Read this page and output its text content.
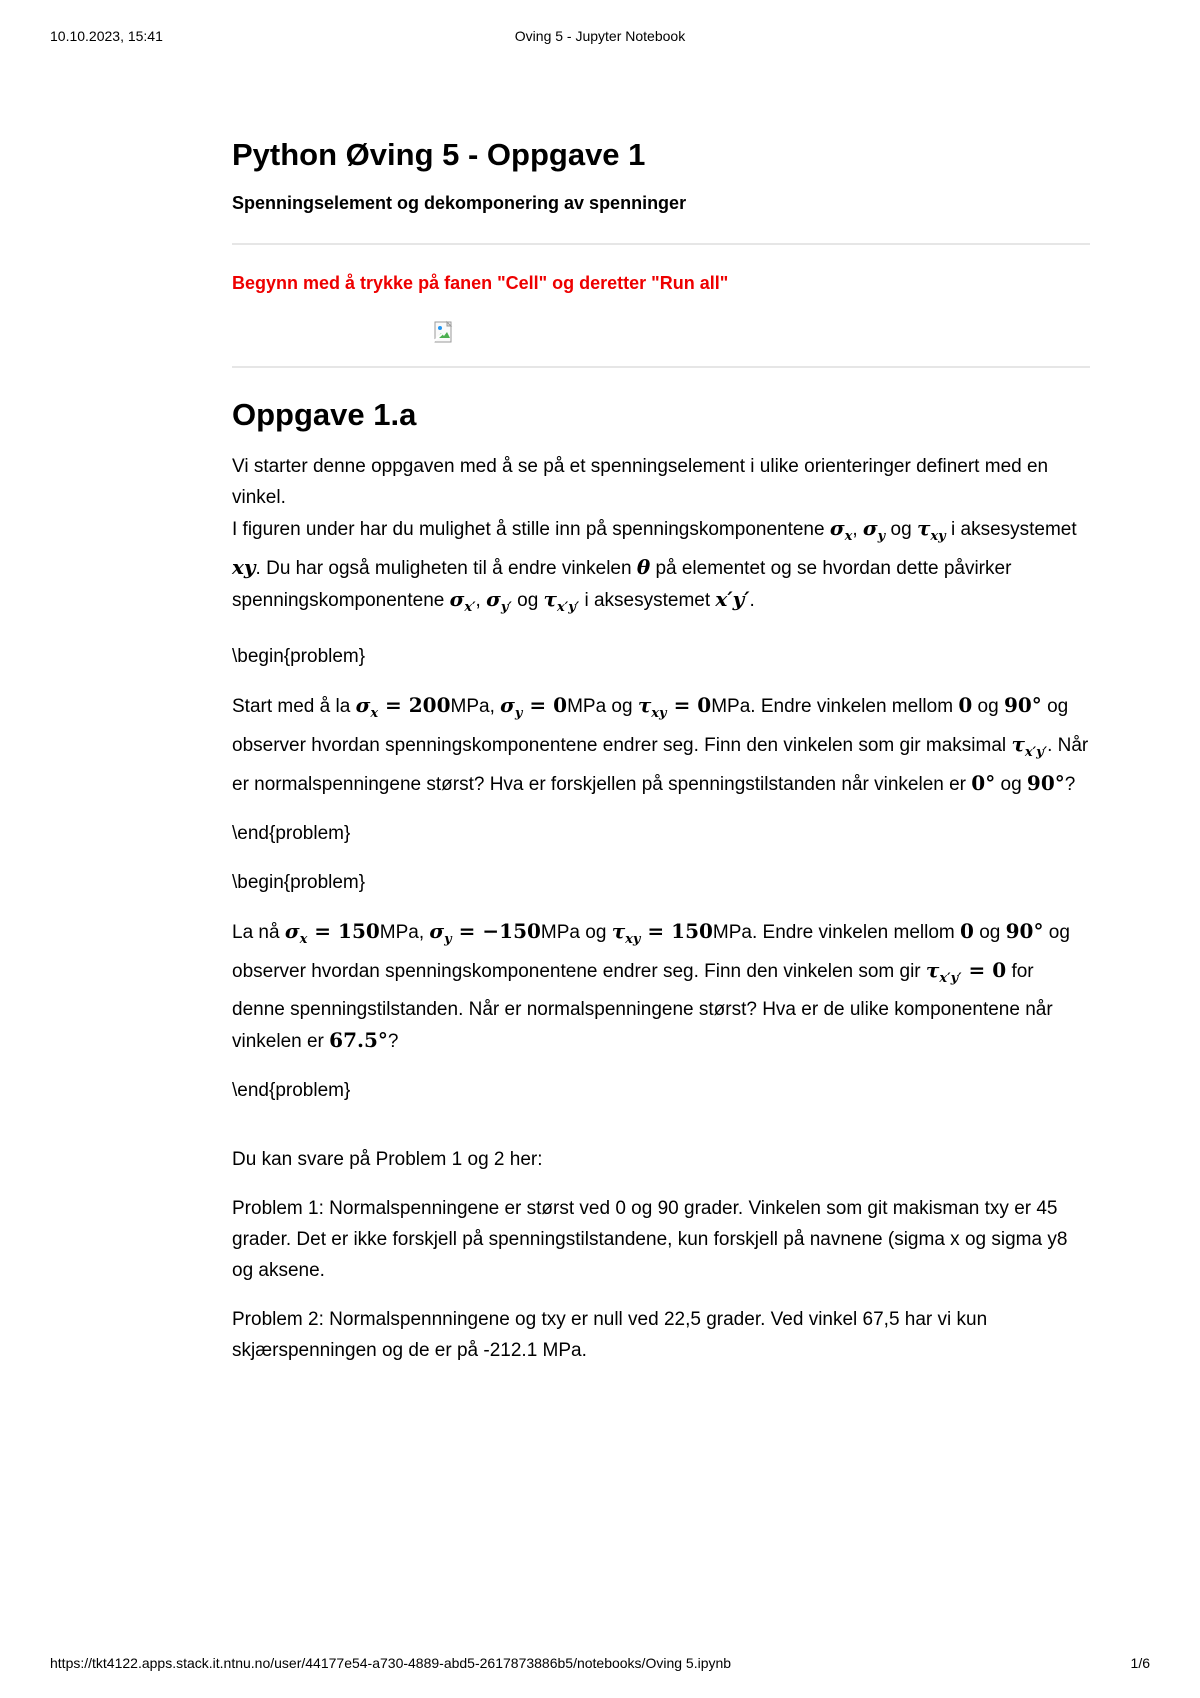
10.10.2023, 15:41	Oving 5 - Jupyter Notebook
Python Øving 5 - Oppgave 1
Spenningselement og dekomponering av spenninger
Begynn med å trykke på fanen "Cell" og deretter "Run all"
Oppgave 1.a

Vi starter denne oppgaven med å se på et spenningselement i ulike orienteringer definert med en vinkel.
I figuren under har du mulighet å stille inn på spenningskomponentene $\sigma_x$, $\sigma_y$ og $\tau_{xy}$ i aksesystemet xy. Du har også muligheten til å endre vinkelen θ på elementet og se hvordan dette påvirker spenningskomponentene $\sigma_{x'}$, $\sigma_{y'}$ og $\tau_{x'y'}$ i aksesystemet x′y′.

\begin{problem}

Start med å la $\sigma_x = 200MPa$, $\sigma_y = 0MPa$ og $\tau_{xy} = 0MPa$. Endre vinkelen mellom 0 og 90° og observer hvordan spenningskomponentene endrer seg. Finn den vinkelen som gir maksimal $\tau_{x'y'}$. Når er normalspenningene størst? Hva er forskjellen på spenningstilstanden når vinkelen er 0° og 90°?

\end{problem}

\begin{problem}

La nå $\sigma_x = 150MPa$, $\sigma_y = -150MPa$ og $\tau_{xy} = 150MPa$. Endre vinkelen mellom 0 og 90° og observer hvordan spenningskomponentene endrer seg. Finn den vinkelen som gir $\tau_{x'y'} = 0$ for denne spenningstilstanden. Når er normalspenningene størst? Hva er de ulike komponentene når vinkelen er 67.5°?

\end{problem}

Du kan svare på Problem 1 og 2 her:

Problem 1: Normalspenningene er størst ved 0 og 90 grader. Vinkelen som git makisman txy er 45 grader. Det er ikke forskjell på spenningstilstandene, kun forskjell på navnene (sigma x og sigma y8 og aksene.

Problem 2: Normalspennningene og txy er null ved 22,5 grader. Ved vinkel 67,5 har vi kun skjærspenningen og de er på -212.1 MPa.

https://tkt4122.apps.stack.it.ntnu.no/user/44177e54-a730-4889-abd5-2617873886b5/notebooks/Oving 5.ipynb	1/6
